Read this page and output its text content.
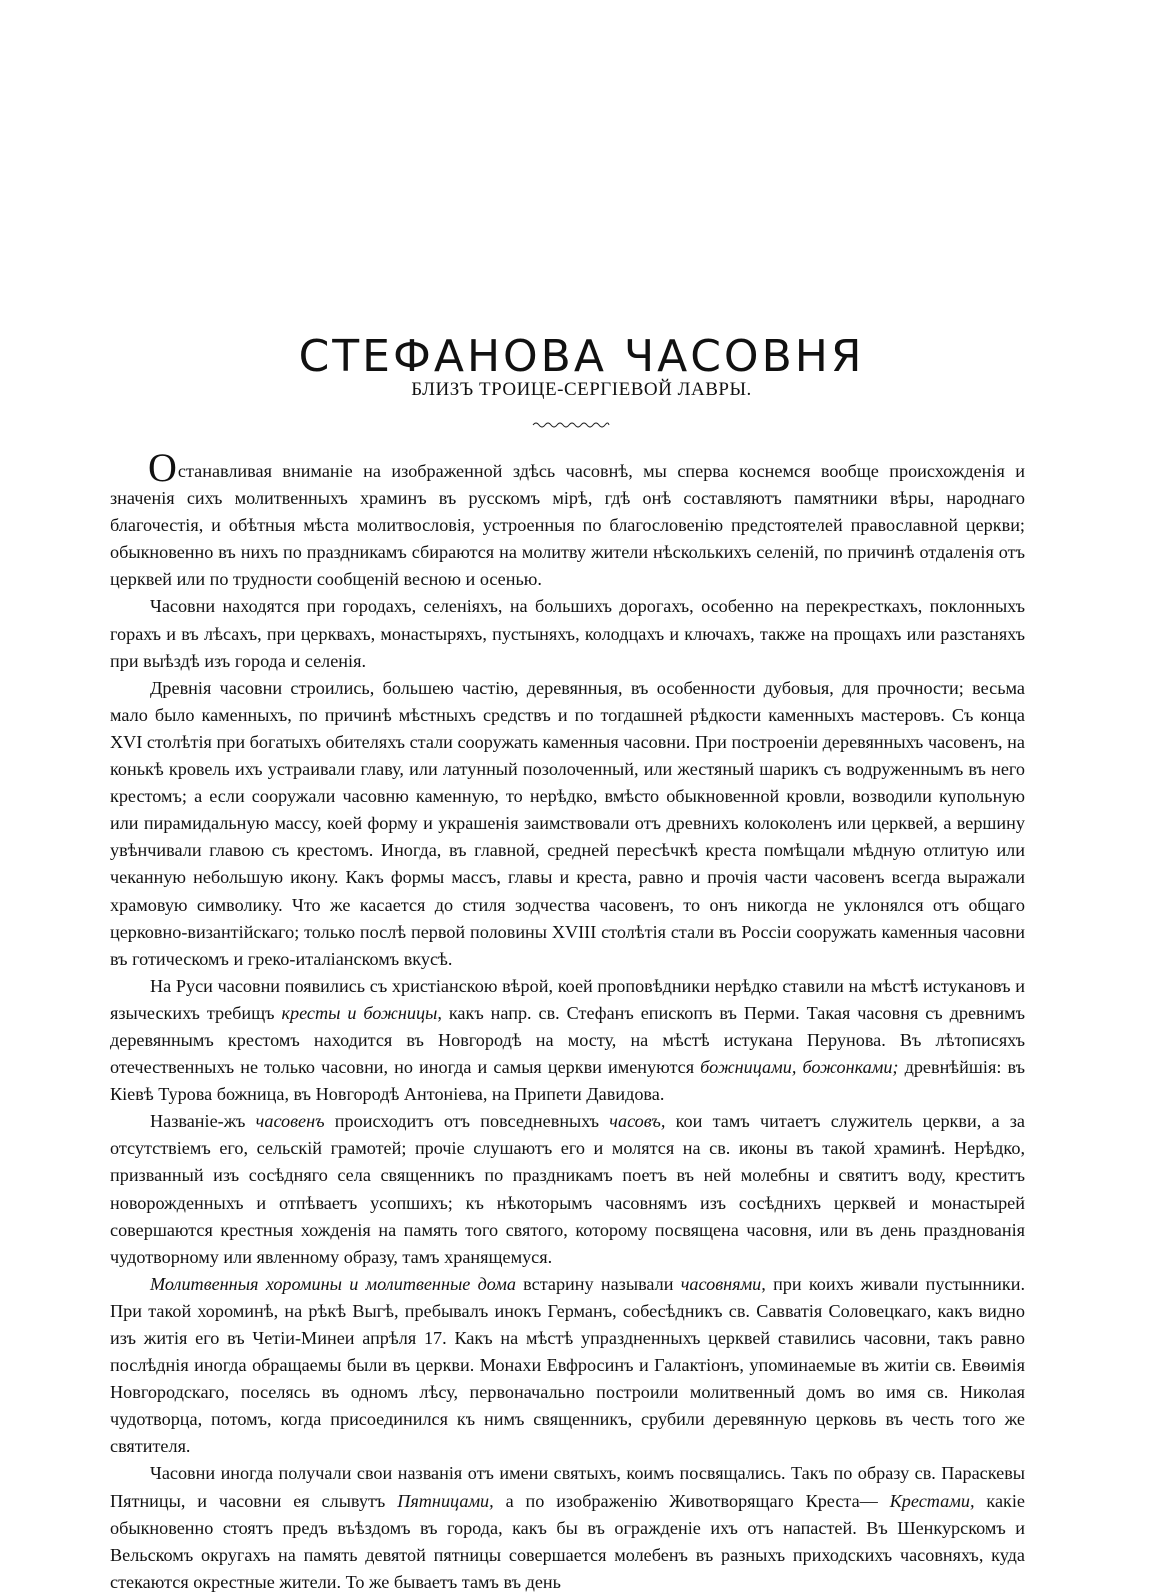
СТЕФАНОВА ЧАСОВНЯ
БЛИЗЪ ТРОИЦЕ-СЕРГІЕВОЙ ЛАВРЫ.

Останавливая вниманіе на изображенной здѣсь часовнѣ, мы сперва коснемся вообще происхожденія и значенія сихъ молитвенныхъ храминъ въ русскомъ мірѣ, гдѣ онѣ составляютъ памятники вѣры, народнаго благочестія, и обѣтныя мѣста молитвословія, устроенныя по благословенію предстоятелей православной церкви; обыкновенно въ нихъ по праздникамъ сбираются на молитву жители нѣсколькихъ селеній, по причинѣ отдаленія отъ церквей или по трудности сообщеній весною и осенью.

Часовни находятся при городахъ, селеніяхъ, на большихъ дорогахъ, особенно на перекресткахъ, поклонныхъ горахъ и въ лѣсахъ, при церквахъ, монастыряхъ, пустыняхъ, колодцахъ и ключахъ, также на прощахъ или разстаняхъ при выѣздѣ изъ города и селенія.

Древнія часовни строились, большею частію, деревянныя, въ особенности дубовыя, для прочности; весьма мало было каменныхъ, по причинѣ мѣстныхъ средствъ и по тогдашней рѣдкости каменныхъ мастеровъ. Съ конца XVI столѣтія при богатыхъ обителяхъ стали сооружать каменныя часовни. При построеніи деревянныхъ часовенъ, на конькѣ кровель ихъ устраивали главу, или латунный позолоченный, или жестяный шарикъ съ водруженнымъ въ него крестомъ; а если сооружали часовню каменную, то нерѣдко, вмѣсто обыкновенной кровли, возводили купольную или пирамидальную массу, коей форму и украшенія заимствовали отъ древнихъ колоколенъ или церквей, а вершину увѣнчивали главою съ крестомъ. Иногда, въ главной, средней пересѣчкѣ креста помѣщали мѣдную отлитую или чеканную небольшую икону. Какъ формы массъ, главы и креста, равно и прочія части часовенъ всегда выражали храмовую символику. Что же касается до стиля зодчества часовенъ, то онъ никогда не уклонялся отъ общаго церковно-византійскаго; только послѣ первой половины XVIII столѣтія стали въ Россіи сооружать каменныя часовни въ готическомъ и греко-италіанскомъ вкусѣ.

На Руси часовни появились съ христіанскою вѣрой, коей проповѣдники нерѣдко ставили на мѣстѣ истукановъ и языческихъ требищъ кресты и божницы, какъ напр. св. Стефанъ епископъ въ Перми. Такая часовня съ древнимъ деревяннымъ крестомъ находится въ Новгородѣ на мосту, на мѣстѣ истукана Перунова. Въ лѣтописяхъ отечественныхъ не только часовни, но иногда и самыя церкви именуются божницами, божонками; древнѣйшія: въ Кіевѣ Турова божница, въ Новгородѣ Антоніева, на Припети Давидова.

Названіе-жъ часовенъ происходитъ отъ повседневныхъ часовъ, кои тамъ читаетъ служитель церкви, а за отсутствіемъ его, сельскій грамотей; прочіе слушаютъ его и молятся на св. иконы въ такой храминѣ. Нерѣдко, призванный изъ сосѣдняго села священникъ по праздникамъ поетъ въ ней молебны и святитъ воду, креститъ новорожденныхъ и отпѣваетъ усопшихъ; къ нѣкоторымъ часовнямъ изъ сосѣднихъ церквей и монастырей совершаются крестныя хожденія на память того святого, которому посвящена часовня, или въ день празднованія чудотворному или явленному образу, тамъ хранящемуся.

Молитвенныя хоромины и молитвенные дома встарину называли часовнями, при коихъ живали пустынники. При такой хороминѣ, на рѣкѣ Выгѣ, пребывалъ инокъ Германъ, собесѣдникъ св. Савватія Соловецкаго, какъ видно изъ житія его въ Четіи-Минеи апрѣля 17. Какъ на мѣстѣ упраздненныхъ церквей ставились часовни, такъ равно послѣднія иногда обращаемы были въ церкви. Монахи Евфросинъ и Галактіонъ, упоминаемые въ житіи св. Евѳимія Новгородскаго, поселясь въ одномъ лѣсу, первоначально построили молитвенный домъ во имя св. Николая чудотворца, потомъ, когда присоединился къ нимъ священникъ, срубили деревянную церковь въ честь того же святителя.

Часовни иногда получали свои названія отъ имени святыхъ, коимъ посвящались. Такъ по образу св. Параскевы Пятницы, и часовни ея слывутъ Пятницами, а по изображенію Животворящаго Креста— Крестами, какіе обыкновенно стоятъ предъ въѣздомъ въ города, какъ бы въ огражденіе ихъ отъ напастей. Въ Шенкурскомъ и Вельскомъ округахъ на память девятой пятницы совершается молебенъ въ разныхъ приходскихъ часовняхъ, куда стекаются окрестные жители. То же бываетъ тамъ въ день
